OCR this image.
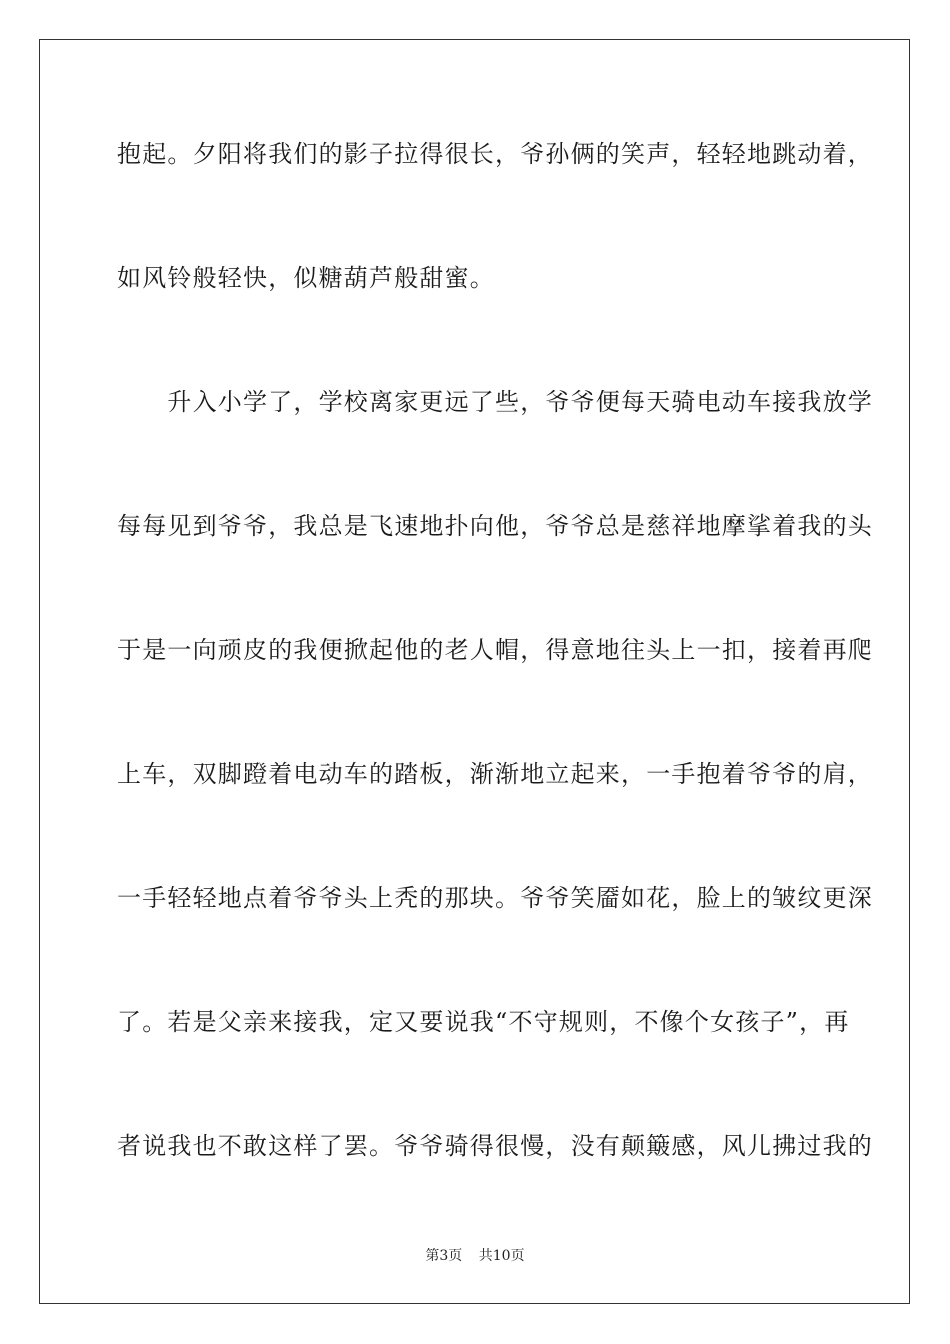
抱起。夕阳将我们的影子拉得很长，爷孙俩的笑声，轻轻地跳动着，
如风铃般轻快，似糖葫芦般甜蜜。
　　升入小学了，学校离家更远了些，爷爷便每天骑电动车接我放学
每每见到爷爷，我总是飞速地扑向他，爷爷总是慈祥地摩挲着我的头
于是一向顽皮的我便掀起他的老人帽，得意地往头上一扣，接着再爬
上车，双脚蹬着电动车的踏板，渐渐地立起来，一手抱着爷爷的肩，
一手轻轻地点着爷爷头上秃的那块。爷爷笑靥如花，脸上的皱纹更深
了。若是父亲来接我，定又要说我“不守规则，不像个女孩子”，再
者说我也不敢这样了罢。爷爷骑得很慢，没有颠簸感，风儿拂过我的
第3页 共10页
